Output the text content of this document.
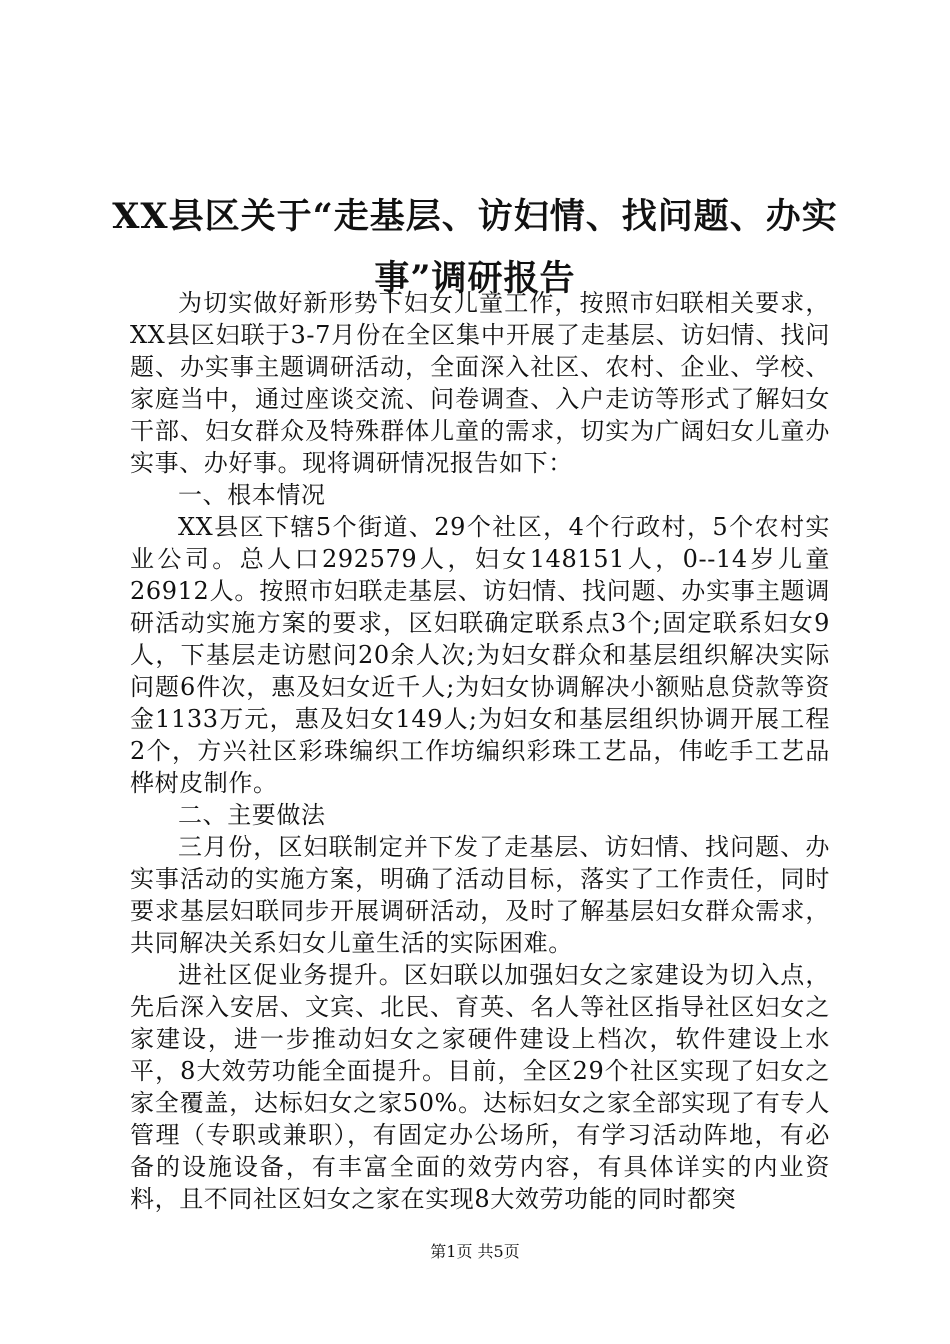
XX县区关于“走基层、访妇情、找问题、办实事”调研报告

为切实做好新形势下妇女儿童工作，按照市妇联相关要求，XX县区妇联于3-7月份在全区集中开展了走基层、访妇情、找问题、办实事主题调研活动，全面深入社区、农村、企业、学校、家庭当中，通过座谈交流、问卷调查、入户走访等形式了解妇女干部、妇女群众及特殊群体儿童的需求，切实为广阔妇女儿童办实事、办好事。现将调研情况报告如下：

一、根本情况

XX县区下辖5个街道、29个社区，4个行政村，5个农村实业公司。总人口292579人，妇女148151人，0--14岁儿童26912人。按照市妇联走基层、访妇情、找问题、办实事主题调研活动实施方案的要求，区妇联确定联系点3个;固定联系妇女9人，下基层走访慰问20余人次;为妇女群众和基层组织解决实际问题6件次，惠及妇女近千人;为妇女协调解决小额贴息贷款等资金1133万元，惠及妇女149人;为妇女和基层组织协调开展工程2个，方兴社区彩珠编织工作坊编织彩珠工艺品，伟屹手工艺品桦树皮制作。

二、主要做法

三月份，区妇联制定并下发了走基层、访妇情、找问题、办实事活动的实施方案，明确了活动目标，落实了工作责任，同时要求基层妇联同步开展调研活动，及时了解基层妇女群众需求，共同解决关系妇女儿童生活的实际困难。

进社区促业务提升。区妇联以加强妇女之家建设为切入点，先后深入安居、文宾、北民、育英、名人等社区指导社区妇女之家建设，进一步推动妇女之家硬件建设上档次，软件建设上水平，8大效劳功能全面提升。目前，全区29个社区实现了妇女之家全覆盖，达标妇女之家50%。达标妇女之家全部实现了有专人管理（专职或兼职），有固定办公场所，有学习活动阵地，有必备的设施设备，有丰富全面的效劳内容，有具体详实的内业资料，且不同社区妇女之家在实现8大效劳功能的同时都突

第1页 共5页
